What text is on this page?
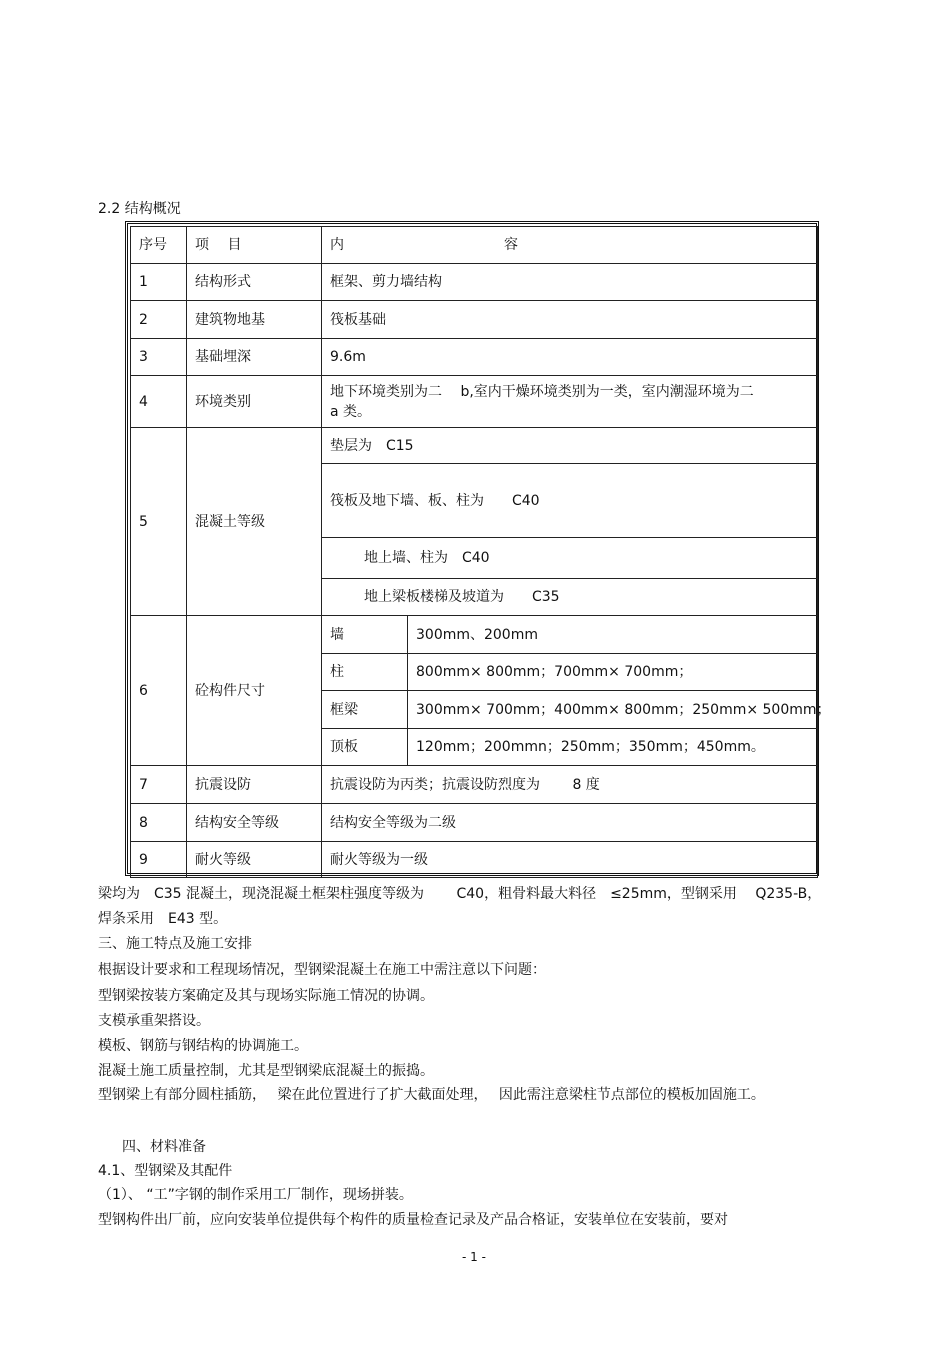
2.2 结构概况
序号	项　 目	内 容	
1	结构形式	框架、剪力墙结构	
2	建筑物地基	筏板基础	
3	基础埋深	9.6m	
4	环境类别	地下环境类别为二　 b,室内干燥环境类别为一类，室内潮湿环境为二
a 类。	

5	混凝土等级	垫层为　C15	
		筏板及地下墙、板、柱为　　C40	
		地上墙、柱为　C40	
		地上梁板楼梯及坡道为　　C35	
6	砼构件尺寸	墙	300mm、200mm
		柱	800mm× 800mm；700mm× 700mm；
		框梁	300mm× 700mm；400mm× 800mm；250mm× 500mm；
		顶板	120mm；200mmn；250mm；350mm；450mm。
7	抗震设防	抗震设防为丙类；抗震设防烈度为　　 8 度	
8	结构安全等级	结构安全等级为二级	
9	耐火等级	耐火等级为一级	
梁均为　C35 混凝土，现浇混凝土框架柱强度等级为　　 C40，粗骨料最大料径　≤25mm，型钢采用　 Q235-B，
焊条采用　E43 型。
三、施工特点及施工安排
根据设计要求和工程现场情况，型钢梁混凝土在施工中需注意以下问题：
型钢梁按装方案确定及其与现场实际施工情况的协调。
支模承重架搭设。
模板、钢筋与钢结构的协调施工。
混凝土施工质量控制，尤其是型钢梁底混凝土的振捣。
型钢梁上有部分圆柱插筋，　 梁在此位置进行了扩大截面处理，　 因此需注意梁柱节点部位的模板加固施工。
四、材料准备
4.1、型钢梁及其配件
（1）、 “工”字钢的制作采用工厂制作，现场拼装。
型钢构件出厂前，应向安装单位提供每个构件的质量检查记录及产品合格证，安装单位在安装前，要对
- 1 -
